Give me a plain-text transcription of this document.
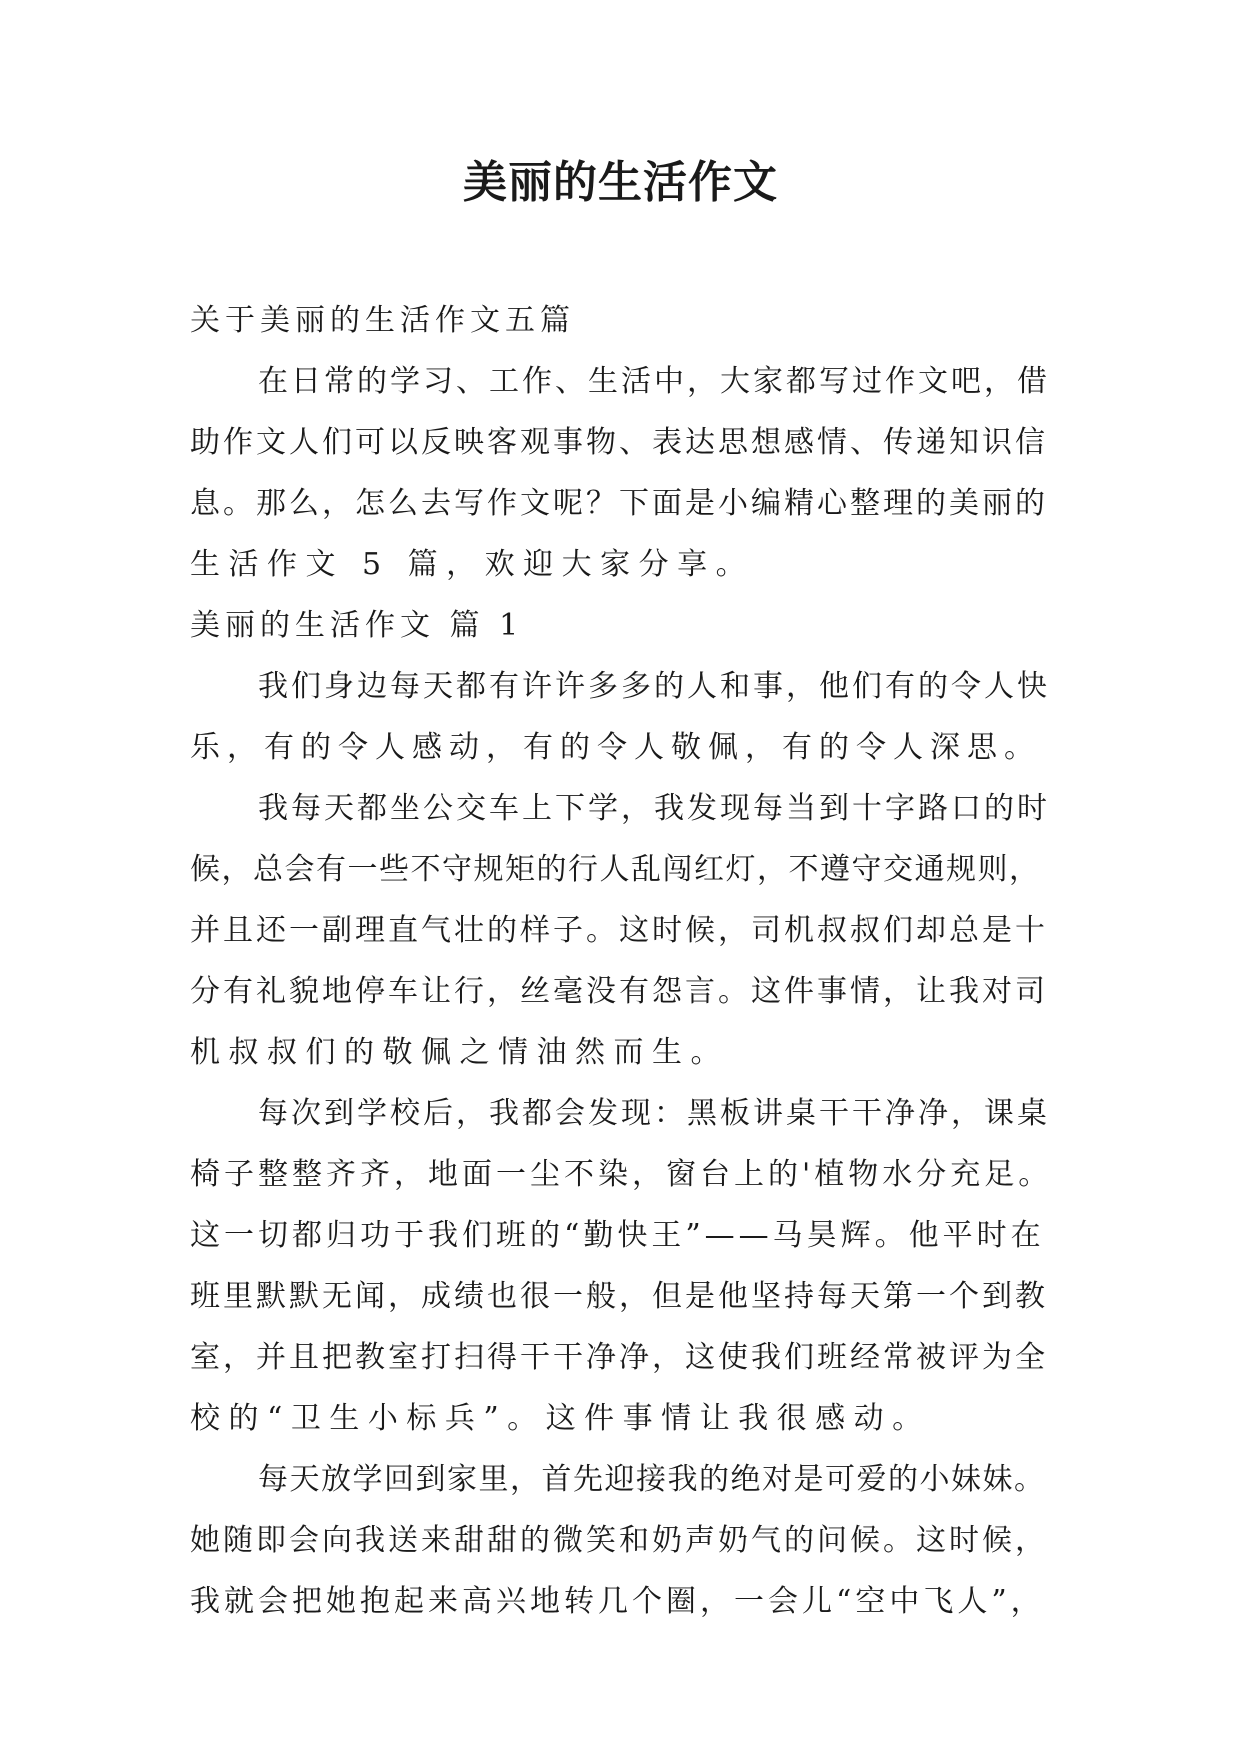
美丽的生活作文

关于美丽的生活作文五篇

在日常的学习、工作、生活中，大家都写过作文吧，借

助作文人们可以反映客观事物、表达思想感情、传递知识信

息。那么，怎么去写作文呢？下面是小编精心整理的美丽的

生活作文 5 篇，欢迎大家分享。

美丽的生活作文 篇 1

我们身边每天都有许许多多的人和事，他们有的令人快

乐，有的令人感动，有的令人敬佩，有的令人深思。

我每天都坐公交车上下学，我发现每当到十字路口的时

候，总会有一些不守规矩的行人乱闯红灯，不遵守交通规则，

并且还一副理直气壮的样子。这时候，司机叔叔们却总是十

分有礼貌地停车让行，丝毫没有怨言。这件事情，让我对司

机叔叔们的敬佩之情油然而生。

每次到学校后，我都会发现：黑板讲桌干干净净，课桌

椅子整整齐齐，地面一尘不染，窗台上的'植物水分充足。

这一切都归功于我们班的“勤快王”——马昊辉。他平时在

班里默默无闻，成绩也很一般，但是他坚持每天第一个到教

室，并且把教室打扫得干干净净，这使我们班经常被评为全

校的“卫生小标兵”。这件事情让我很感动。

每天放学回到家里，首先迎接我的绝对是可爱的小妹妹。

她随即会向我送来甜甜的微笑和奶声奶气的问候。这时候，

我就会把她抱起来高兴地转几个圈，一会儿“空中飞人”，
